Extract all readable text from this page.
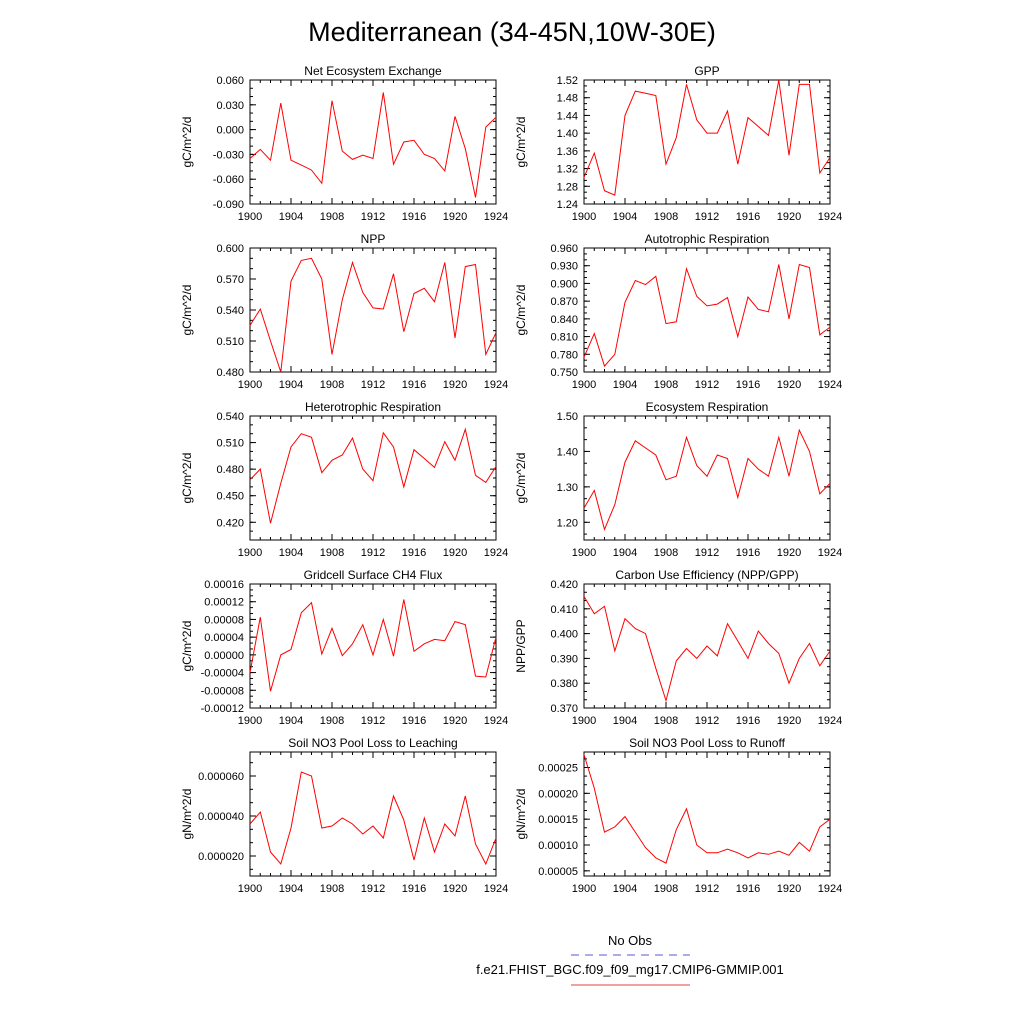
Mediterranean (34-45N,10W-30E)
Net Ecosystem Exchange
gC/m^2/d
1900 1904 1908 1912 1916 1920 1924
-0.090
-0.060
-0.030
0.000
0.030
0.060
GPP
gC/m^2/d
1900 1904 1908 1912 1916 1920 1924
1.24
1.28
1.32
1.36
1.40
1.44
1.48
1.52
NPP
gC/m^2/d
1900 1904 1908 1912 1916 1920 1924
0.480
0.510
0.540
0.570
0.600
Autotrophic Respiration
gC/m^2/d
1900 1904 1908 1912 1916 1920 1924
0.750
0.780
0.810
0.840
0.870
0.900
0.930
0.960
Heterotrophic Respiration
gC/m^2/d
1900 1904 1908 1912 1916 1920 1924
0.420
0.450
0.480
0.510
0.540
Ecosystem Respiration
gC/m^2/d
1900 1904 1908 1912 1916 1920 1924
1.20
1.30
1.40
1.50
Gridcell Surface CH4 Flux
gC/m^2/d
1900 1904 1908 1912 1916 1920 1924
-0.00012
-0.00008
-0.00004
0.00000
0.00004
0.00008
0.00012
0.00016
Carbon Use Efficiency (NPP/GPP)
NPP/GPP
1900 1904 1908 1912 1916 1920 1924
0.370
0.380
0.390
0.400
0.410
0.420
Soil NO3 Pool Loss to Leaching
gN/m^2/d
1900 1904 1908 1912 1916 1920 1924
0.000020
0.000040
0.000060
Soil NO3 Pool Loss to Runoff
gN/m^2/d
1900 1904 1908 1912 1916 1920 1924
0.00005
0.00010
0.00015
0.00020
0.00025
No Obs
f.e21.FHIST_BGC.f09_f09_mg17.CMIP6-GMMIP.001
